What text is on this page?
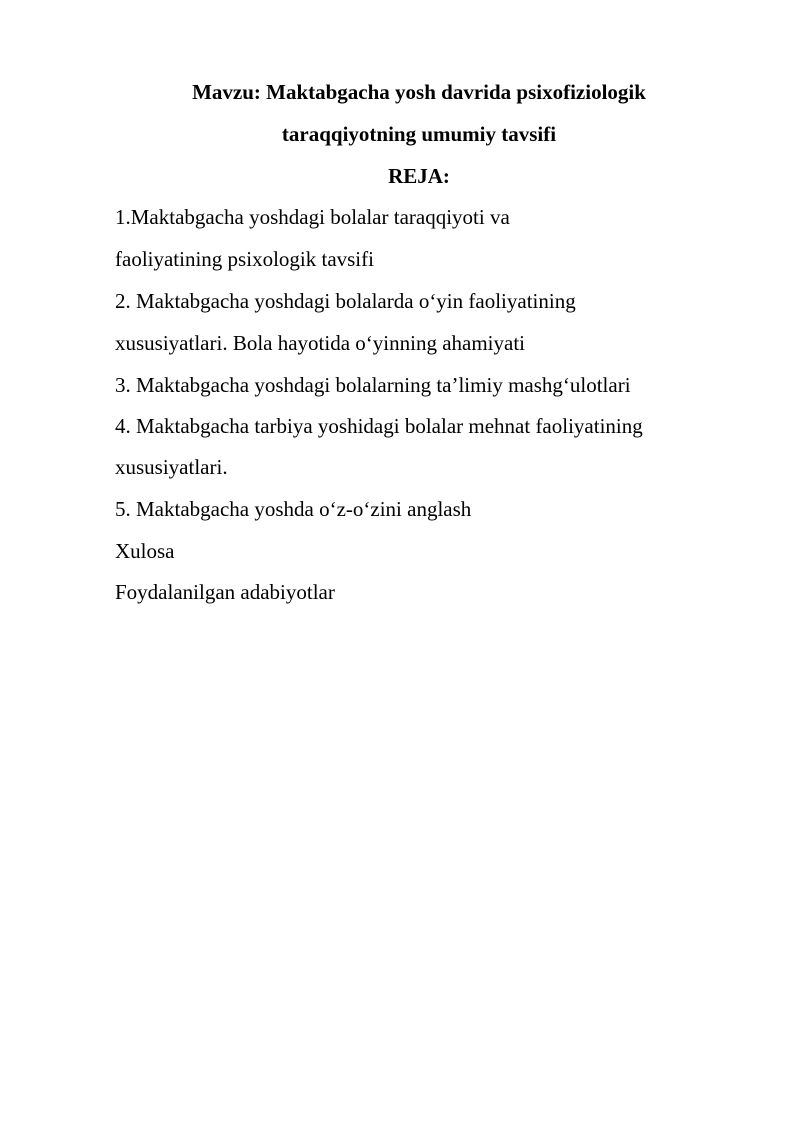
Mavzu: Maktabgacha yosh davrida psixofiziologik
taraqqiyotning umumiy tavsifi
REJA:
1.Maktabgacha yoshdagi bolalar taraqqiyoti va
faoliyatining psixologik tavsifi
2. Maktabgacha yoshdagi bolalarda o‘yin faoliyatining
xususiyatlari. Bola hayotida o‘yinning ahamiyati
3. Maktabgacha yoshdagi bolalarning ta’limiy mashg‘ulotlari
4. Maktabgacha tarbiya yoshidagi bolalar mehnat faoliyatining
xususiyatlari.
5. Maktabgacha yoshda o‘z-o‘zini anglash
Xulosa
Foydalanilgan adabiyotlar
